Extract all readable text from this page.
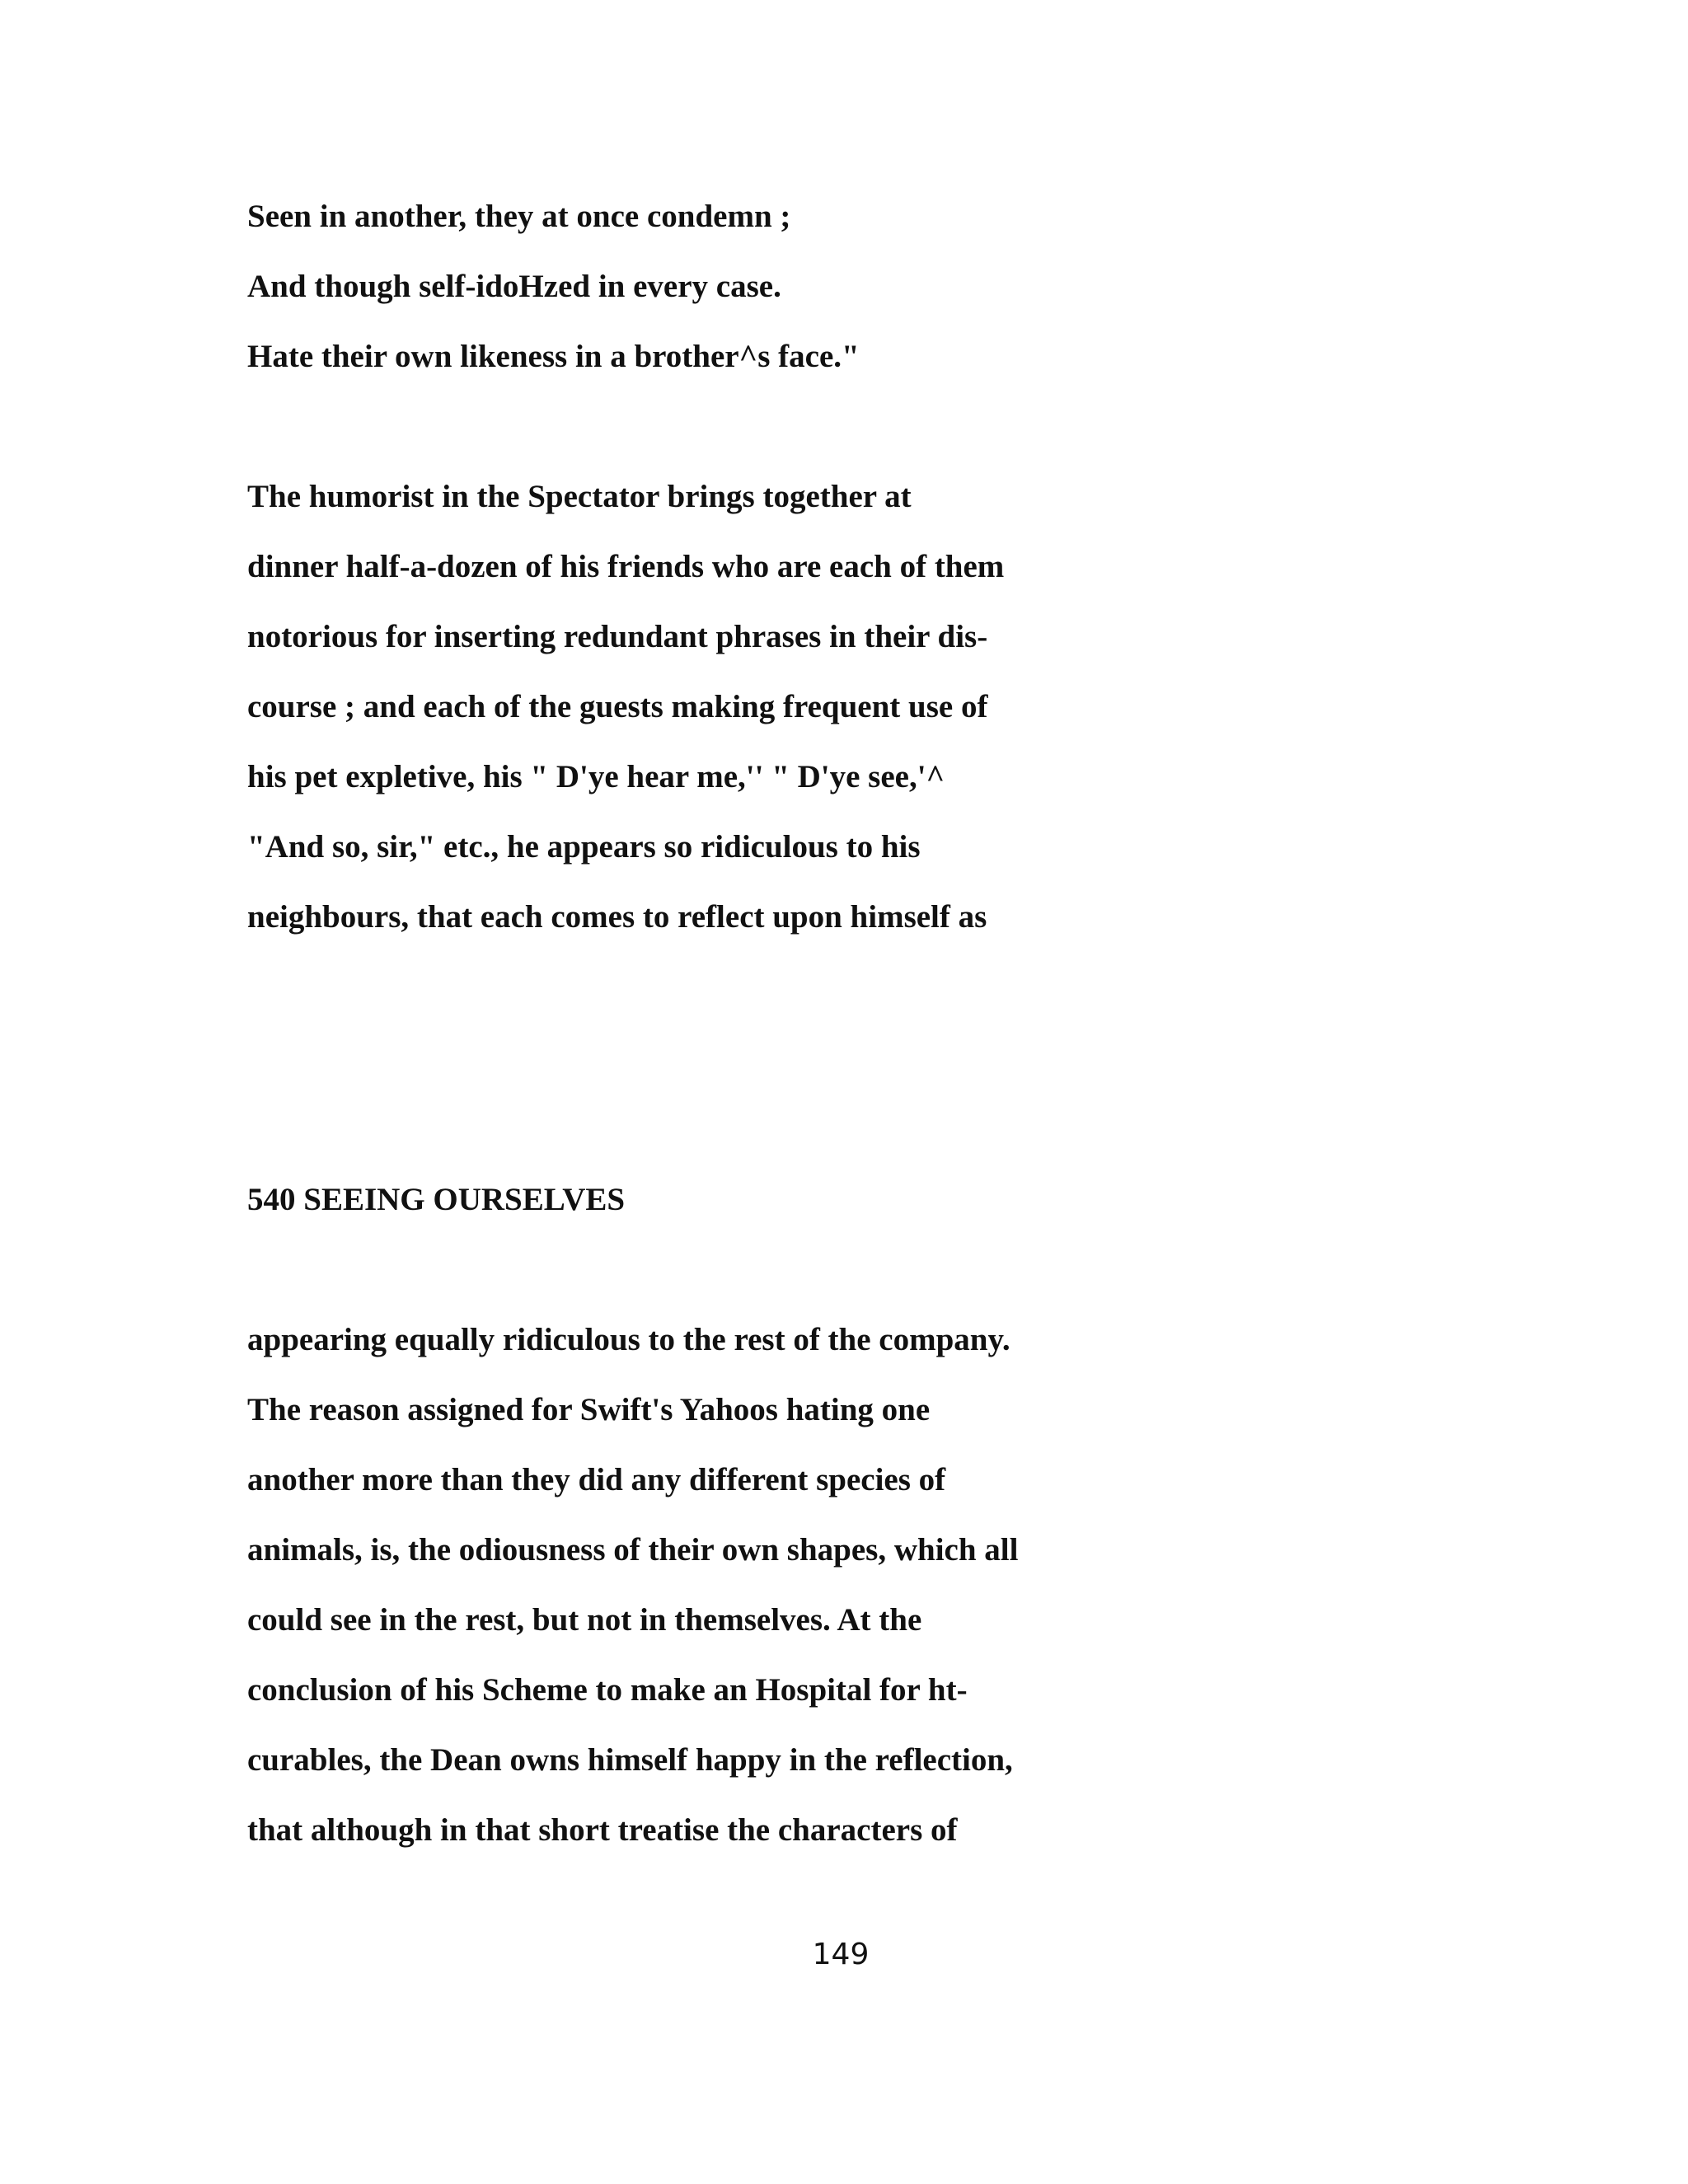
Seen in another, they at once condemn ;

And though self-idoHzed in every case.

Hate their own likeness in a brother^s face."

The humorist in the Spectator brings together at

dinner half-a-dozen of his friends who are each of them

notorious for inserting redundant phrases in their dis-

course ; and each of the guests making frequent use of

his pet expletive, his " D'ye hear me,'' " D'ye see,'^

"And so, sir," etc., he appears so ridiculous to his

neighbours, that each comes to reflect upon himself as

540 SEEING OURSELVES

appearing equally ridiculous to the rest of the company.

The reason assigned for Swift's Yahoos hating one

another more than they did any different species of

animals, is, the odiousness of their own shapes, which all

could see in the rest, but not in themselves. At the

conclusion of his Scheme to make an Hospital for ht-

curables, the Dean owns himself happy in the reflection,

that although in that short treatise the characters of

149
